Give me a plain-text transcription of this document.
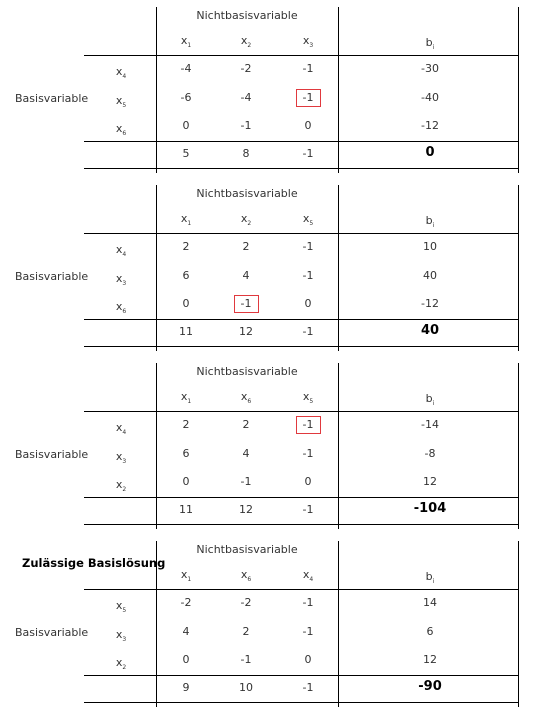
Nichtbasisvariable
$x_1$	$x_2$	$x_3$	$b_i$
Basisvariable
$x_4$
-4	-2	-1	-30
$x_5$
-6	-4	-1	-40
$x_6$
0	-1	0	-12
5	8	-1	0
Nichtbasisvariable
$x_1$	$x_2$	$x_5$	$b_i$
Basisvariable
$x_4$
2	2	-1	10
$x_3$
6	4	-1	40
$x_6$
0	-1	0	-12
11	12	-1	40
Nichtbasisvariable
$x_1$	$x_6$	$x_5$	$b_i$
Basisvariable
$x_4$
2	2	-1	-14
$x_3$
6	4	-1	-8
$x_2$
0	-1	0	12
11	12	-1	-104
Zulässige Basislösung
Nichtbasisvariable
$x_1$	$x_6$	$x_4$	$b_i$
Basisvariable
$x_5$
-2	-2	-1	14
$x_3$
4	2	-1	6
$x_2$
0	-1	0	12
9	10	-1	-90
